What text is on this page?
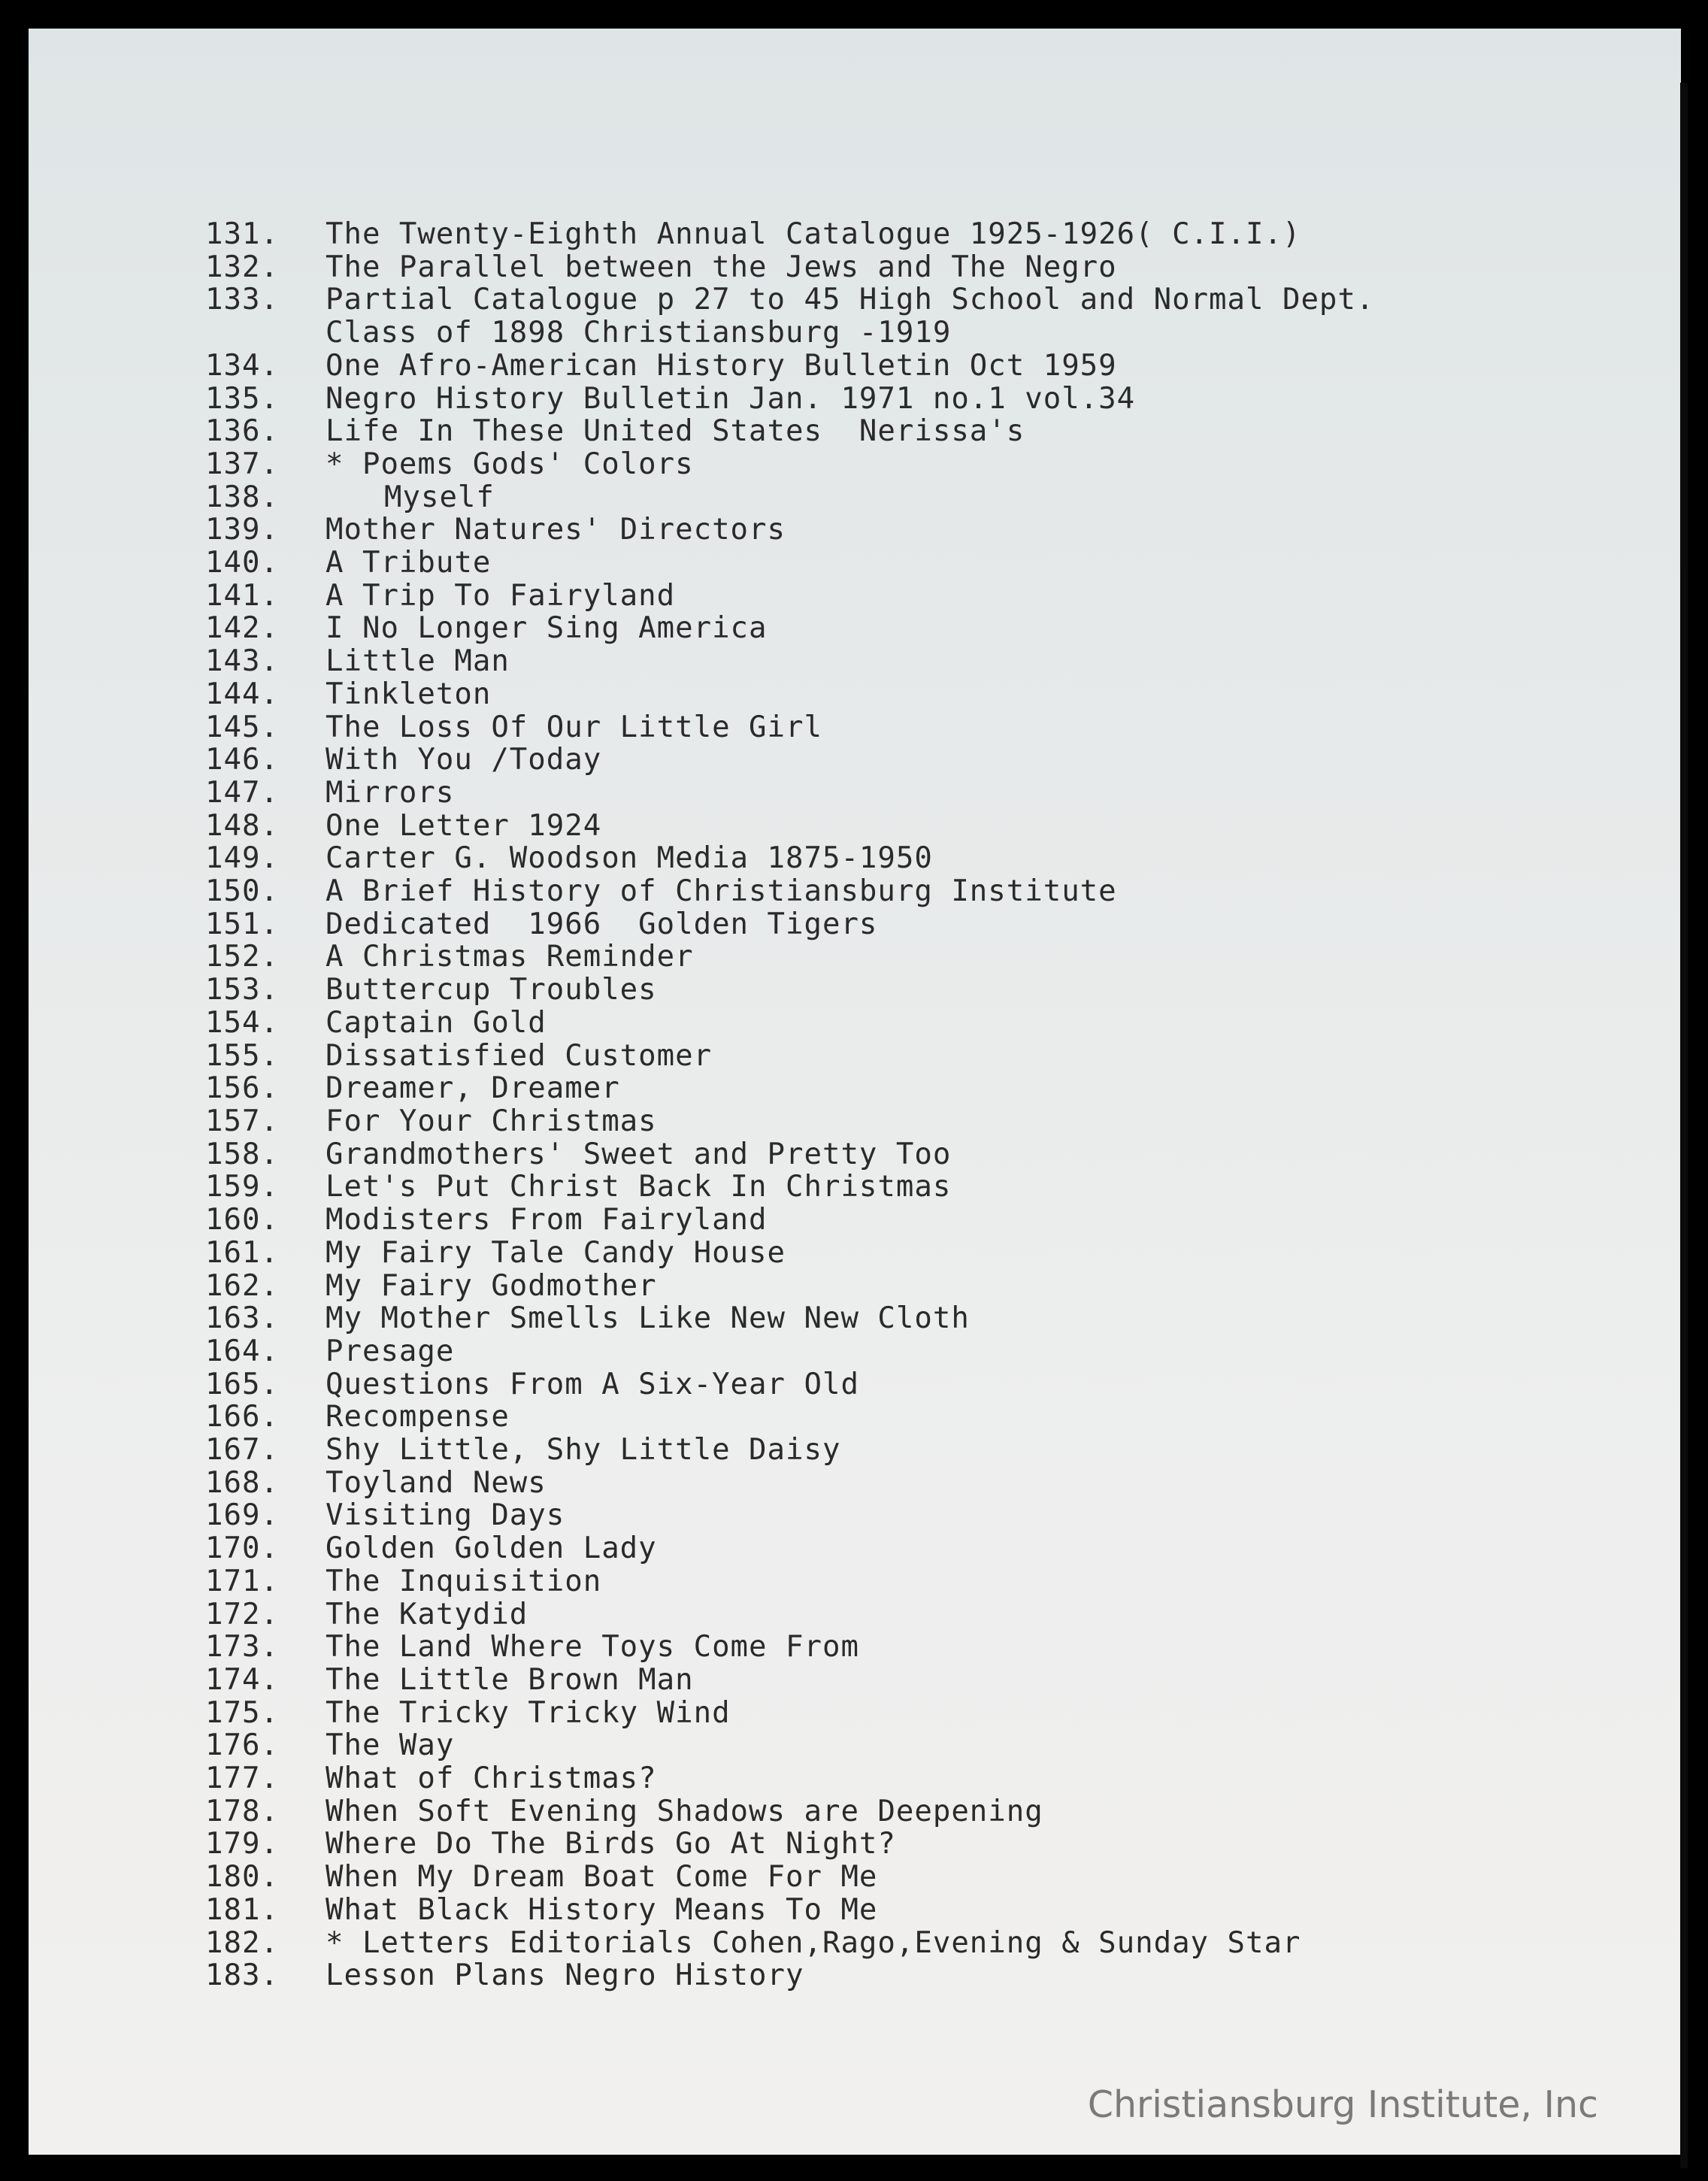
131.	The Twenty-Eighth Annual Catalogue 1925-1926( C.I.I.)
132.	The Parallel between the Jews and The Negro
133.	Partial Catalogue p 27 to 45 High School and Normal Dept.
Class of 1898 Christiansburg -1919
134.	One Afro-American History Bulletin Oct 1959
135.	Negro History Bulletin Jan. 1971 no.1 vol.34
136.	Life In These United States  Nerissa's
137.	* Poems Gods' Colors
138.	Myself
139.	Mother Natures' Directors
140.	A Tribute
141.	A Trip To Fairyland
142.	I No Longer Sing America
143.	Little Man
144.	Tinkleton
145.	The Loss Of Our Little Girl
146.	With You /Today
147.	Mirrors
148.	One Letter 1924
149.	Carter G. Woodson Media 1875-1950
150.	A Brief History of Christiansburg Institute
151.	Dedicated  1966  Golden Tigers
152.	A Christmas Reminder
153.	Buttercup Troubles
154.	Captain Gold
155.	Dissatisfied Customer
156.	Dreamer, Dreamer
157.	For Your Christmas
158.	Grandmothers' Sweet and Pretty Too
159.	Let's Put Christ Back In Christmas
160.	Modisters From Fairyland
161.	My Fairy Tale Candy House
162.	My Fairy Godmother
163.	My Mother Smells Like New New Cloth
164.	Presage
165.	Questions From A Six-Year Old
166.	Recompense
167.	Shy Little, Shy Little Daisy
168.	Toyland News
169.	Visiting Days
170.	Golden Golden Lady
171.	The Inquisition
172.	The Katydid
173.	The Land Where Toys Come From
174.	The Little Brown Man
175.	The Tricky Tricky Wind
176.	The Way
177.	What of Christmas?
178.	When Soft Evening Shadows are Deepening
179.	Where Do The Birds Go At Night?
180.	When My Dream Boat Come For Me
181.	What Black History Means To Me
182.	* Letters Editorials Cohen,Rago,Evening & Sunday Star
183.	Lesson Plans Negro History
Christiansburg Institute, Inc
